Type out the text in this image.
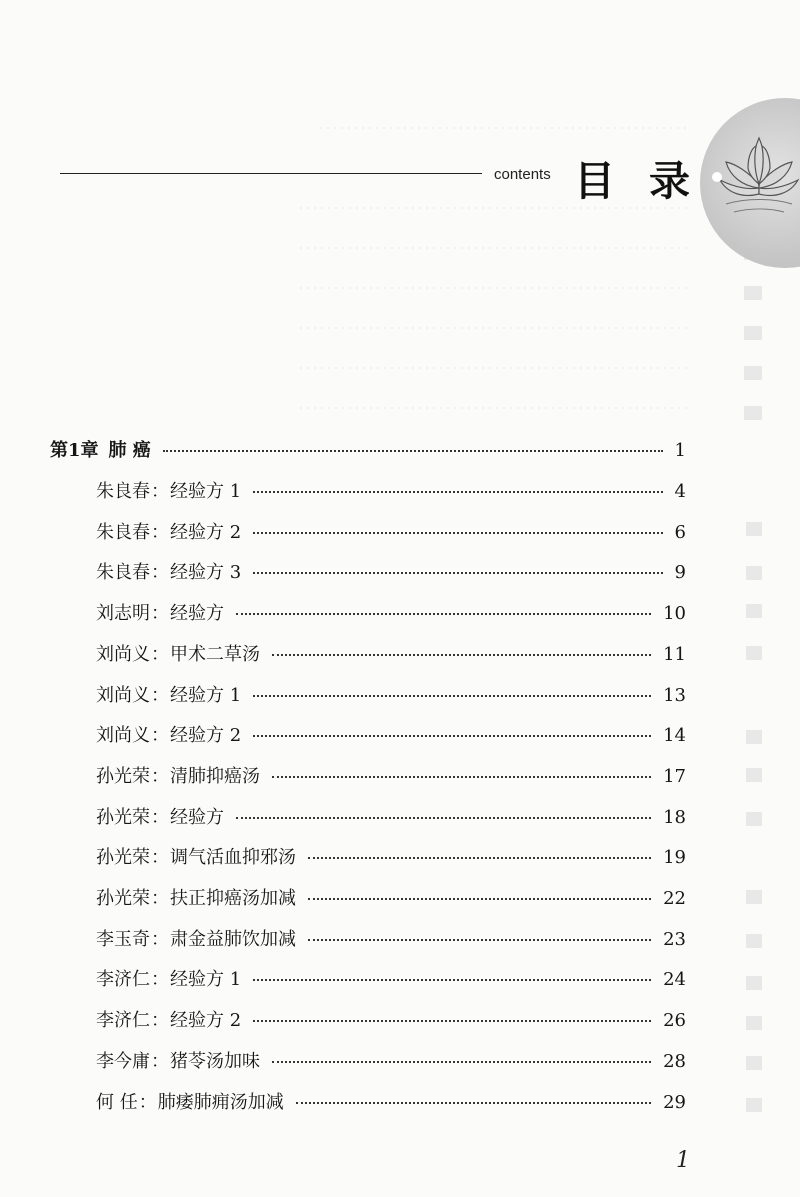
contents 目录
第1章 肺 癌	1
朱良春：经验方 1	4
朱良春：经验方 2	6
朱良春：经验方 3	9
刘志明：经验方	10
刘尚义：甲术二草汤	11
刘尚义：经验方 1	13
刘尚义：经验方 2	14
孙光荣：清肺抑癌汤	17
孙光荣：经验方	18
孙光荣：调气活血抑邪汤	19
孙光荣：扶正抑癌汤加减	22
李玉奇：肃金益肺饮加减	23
李济仁：经验方 1	24
李济仁：经验方 2	26
李今庸：猪苓汤加味	28
何 任：肺痿肺痈汤加减	29
1
